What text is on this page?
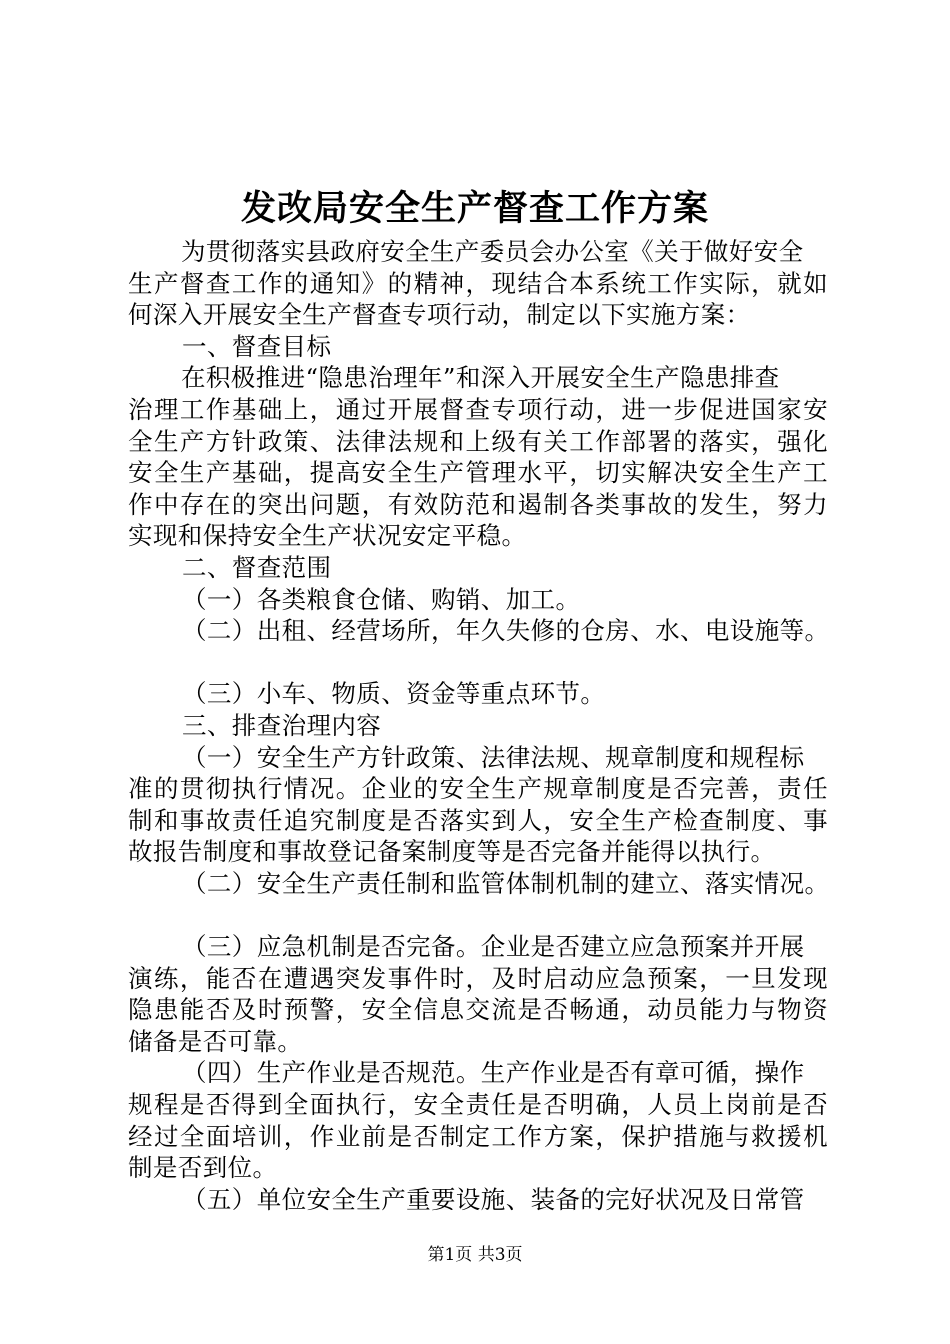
发改局安全生产督查工作方案
为贯彻落实县政府安全生产委员会办公室《关于做好安全
生产督查工作的通知》的精神，现结合本系统工作实际，就如
何深入开展安全生产督查专项行动，制定以下实施方案：
一、督查目标
在积极推进“隐患治理年”和深入开展安全生产隐患排查
治理工作基础上，通过开展督查专项行动，进一步促进国家安
全生产方针政策、法律法规和上级有关工作部署的落实，强化
安全生产基础，提高安全生产管理水平，切实解决安全生产工
作中存在的突出问题，有效防范和遏制各类事故的发生，努力
实现和保持安全生产状况安定平稳。
二、督查范围
（一）各类粮食仓储、购销、加工。
（二）出租、经营场所，年久失修的仓房、水、电设施等。
（三）小车、物质、资金等重点环节。
三、排查治理内容
（一）安全生产方针政策、法律法规、规章制度和规程标
准的贯彻执行情况。企业的安全生产规章制度是否完善，责任
制和事故责任追究制度是否落实到人，安全生产检查制度、事
故报告制度和事故登记备案制度等是否完备并能得以执行。
（二）安全生产责任制和监管体制机制的建立、落实情况。
（三）应急机制是否完备。企业是否建立应急预案并开展
演练，能否在遭遇突发事件时，及时启动应急预案，一旦发现
隐患能否及时预警，安全信息交流是否畅通，动员能力与物资
储备是否可靠。
（四）生产作业是否规范。生产作业是否有章可循，操作
规程是否得到全面执行，安全责任是否明确，人员上岗前是否
经过全面培训，作业前是否制定工作方案，保护措施与救援机
制是否到位。
（五）单位安全生产重要设施、装备的完好状况及日常管
第1页 共3页
